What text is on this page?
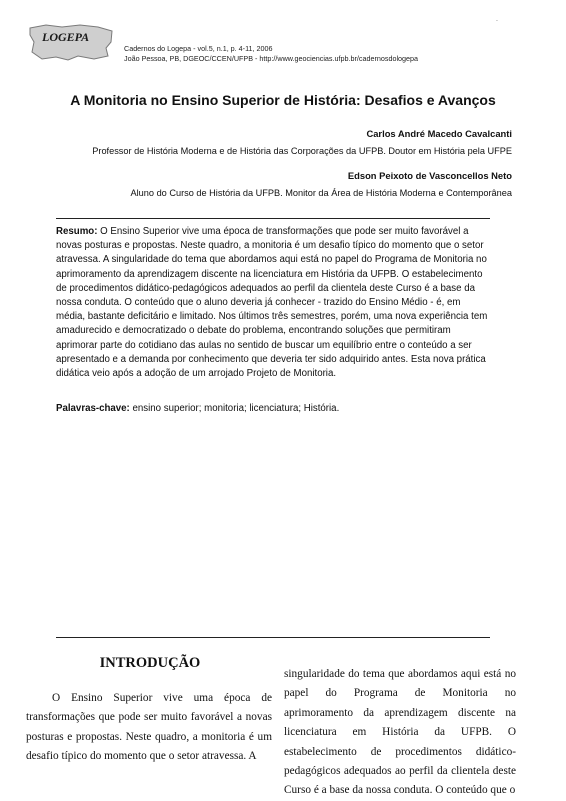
LOGEPA
Cadernos do Logepa - vol.5, n.1, p. 4-11, 2006
João Pessoa, PB, DGEOC/CCEN/UFPB - http://www.geociencias.ufpb.br/cadernosdologepa
.
A Monitoria no Ensino Superior de História: Desafios e Avanços
Carlos André Macedo Cavalcanti
Professor de História Moderna e de História das Corporações da UFPB. Doutor em História pela UFPE
Edson Peixoto de Vasconcellos Neto
Aluno do Curso de História da UFPB. Monitor da Área de História Moderna e Contemporânea

Resumo: O Ensino Superior vive uma época de transformações que pode ser muito favorável a novas posturas e propostas. Neste quadro, a monitoria é um desafio típico do momento que o setor atravessa. A singularidade do tema que abordamos aqui está no papel do Programa de Monitoria no aprimoramento da aprendizagem discente na licenciatura em História da UFPB. O estabelecimento de procedimentos didático-pedagógicos adequados ao perfil da clientela deste Curso é a base da nossa conduta. O conteúdo que o aluno deveria já conhecer - trazido do Ensino Médio - é, em média, bastante deficitário e limitado. Nos últimos três semestres, porém, uma nova experiência tem amadurecido e democratizado o debate do problema, encontrando soluções que permitiram aprimorar parte do cotidiano das aulas no sentido de buscar um equilíbrio entre o conteúdo a ser apresentado e a demanda por conhecimento que deveria ter sido adquirido antes. Esta nova prática didática veio após a adoção de um arrojado Projeto de Monitoria.

Palavras-chave: ensino superior; monitoria; licenciatura; História.

INTRODUÇÃO

O Ensino Superior vive uma época de transformações que pode ser muito favorável a novas posturas e propostas. Neste quadro, a monitoria é um desafio típico do momento que o setor atravessa. A

singularidade do tema que abordamos aqui está no papel do Programa de Monitoria no aprimoramento da aprendizagem discente na licenciatura em História da UFPB. O estabelecimento de procedimentos didático-pedagógicos adequados ao perfil da clientela deste Curso é a base da nossa conduta. O conteúdo que o
